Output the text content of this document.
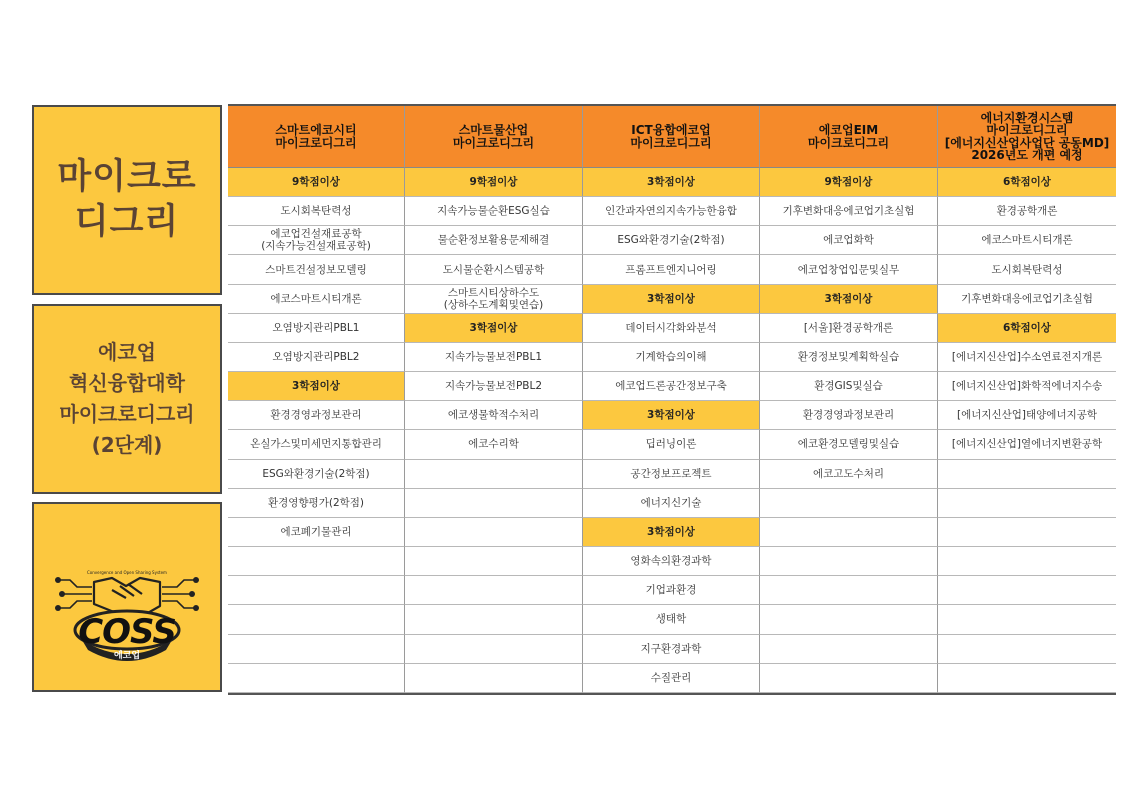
마이크로
디그리
에코업
혁신융합대학
마이크로디그리
(2단계)
Convergence and Open Sharing System
COSS
에코업
스마트에코시티
마이크로디그리
9학점이상
도시회복탄력성
에코업건설재료공학
(지속가능건설재료공학)
스마트건설정보모델링
에코스마트시티개론
오염방지관리PBL1
오염방지관리PBL2
3학점이상
환경경영과정보관리
온실가스및미세먼지통합관리
ESG와환경기술(2학점)
환경영향평가(2학점)
에코폐기물관리
스마트물산업
마이크로디그리
9학점이상
지속가능물순환ESG실습
물순환정보활용문제해결
도시물순환시스템공학
스마트시티상하수도
(상하수도계획및연습)
3학점이상
지속가능물보전PBL1
지속가능물보전PBL2
에코생물학적수처리
에코수리학
ICT융합에코업
마이크로디그리
3학점이상
인간과자연의지속가능한융합
ESG와환경기술(2학점)
프롬프트엔지니어링
3학점이상
데이터시각화와분석
기계학습의이해
에코업드론공간정보구축
3학점이상
딥러닝이론
공간정보프로젝트
에너지신기술
3학점이상
영화속의환경과학
기업과환경
생태학
지구환경과학
수질관리
에코업EIM
마이크로디그리
9학점이상
기후변화대응에코업기초실험
에코업화학
에코업창업입문및실무
3학점이상
[서울]환경공학개론
환경정보및계획학실습
환경GIS및실습
환경경영과정보관리
에코환경모델링및실습
에코고도수처리
에너지환경시스템
마이크로디그리
[에너지신산업사업단 공동MD]
2026년도 개편 예정
6학점이상
환경공학개론
에코스마트시티개론
도시회복탄력성
기후변화대응에코업기초실험
6학점이상
[에너지신산업]수소연료전지개론
[에너지신산업]화학적에너지수송
[에너지신산업]태양에너지공학
[에너지신산업]열에너지변환공학
